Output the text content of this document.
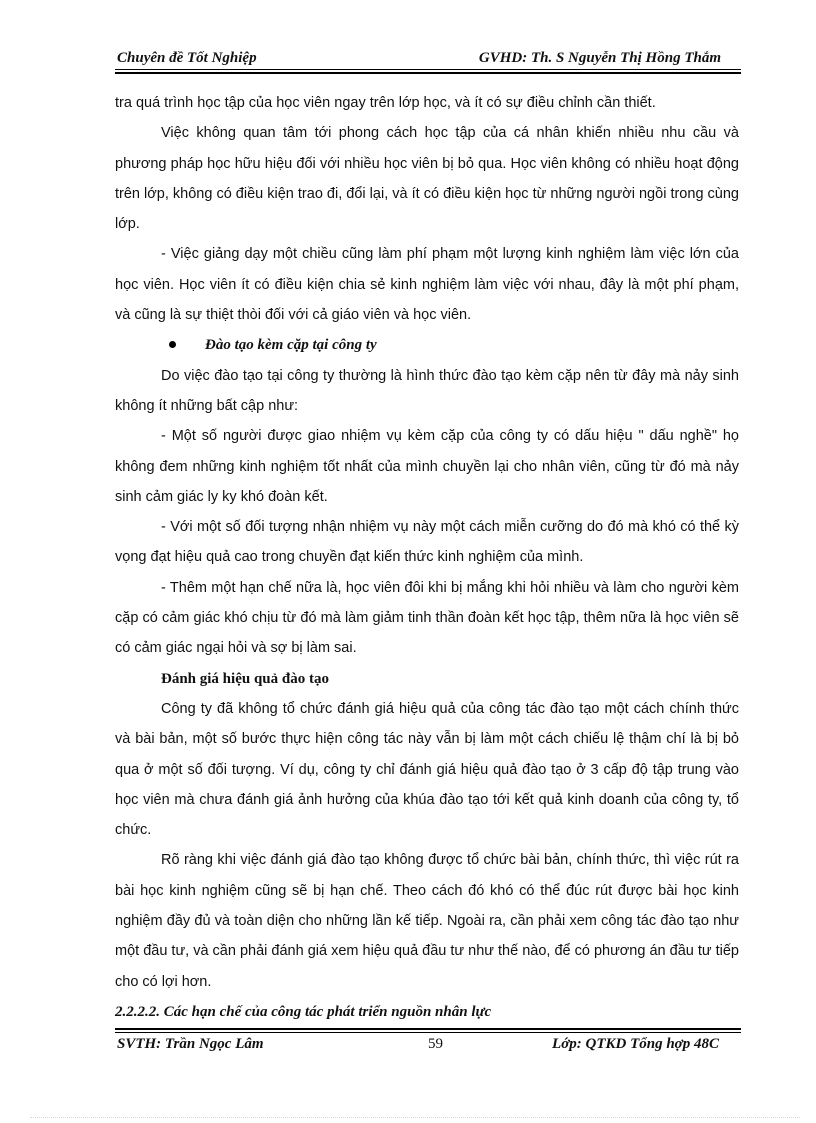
Chuyên đề Tốt Nghiệp	GVHD: Th. S Nguyễn Thị Hồng Thắm

tra quá trình học tập của học viên ngay trên lớp học, và ít có sự điều chỉnh cần thiết.

Việc không quan tâm tới phong cách học tập của cá nhân khiến nhiều nhu cầu và phương pháp học hữu hiệu đối với nhiều học viên bị bỏ qua. Học viên không có nhiều hoạt động trên lớp, không có điều kiện trao đi, đổi lại, và ít có điều kiện học từ những người ngồi trong cùng lớp.

- Việc giảng dạy một chiều cũng làm phí phạm một lượng kinh nghiệm làm việc lớn của học viên. Học viên ít có điều kiện chia sẻ kinh nghiệm làm việc với nhau, đây là một phí phạm, và cũng là sự thiệt thòi đối với cả giáo viên và học viên.

Đào tạo kèm cặp tại công ty

Do việc đào tạo tại công ty thường là hình thức đào tạo kèm cặp nên từ đây mà nảy sinh không ít những bất cập như:

- Một số người được giao nhiệm vụ kèm cặp của công ty có dấu hiệu " dấu nghề" họ không đem những kinh nghiệm tốt nhất của mình chuyền lại cho nhân viên, cũng từ đó mà nảy sinh cảm giác ly ky khó đoàn kết.

- Với một số đối tượng nhận nhiệm vụ này một cách miễn cưỡng do đó mà khó có thể kỳ vọng đạt hiệu quả cao trong chuyền đạt kiến thức kinh nghiệm của mình.

- Thêm một hạn chế nữa là, học viên đôi khi bị mắng khi hỏi nhiều và làm cho người kèm cặp có cảm giác khó chịu từ đó mà làm giảm tinh thần đoàn kết học tập, thêm nữa là học viên sẽ có cảm giác ngại hỏi và sợ bị làm sai.

Đánh giá hiệu quả đào tạo

Công ty đã không tổ chức đánh giá hiệu quả của công tác đào tạo một cách chính thức và bài bản, một số bước thực hiện công tác này vẫn bị làm một cách chiếu lệ thậm chí là bị bỏ qua ở một số đối tượng. Ví dụ, công ty chỉ đánh giá hiệu quả đào tạo ở 3 cấp độ tập trung vào học viên mà chưa đánh giá ảnh hưởng của khúa đào tạo tới kết quả kinh doanh của công ty, tổ chức.

Rõ ràng khi việc đánh giá đào tạo không được tổ chức bài bản, chính thức, thì việc rút ra bài học kinh nghiệm cũng sẽ bị hạn chế. Theo cách đó khó có thể đúc rút được bài học kinh nghiệm đầy đủ và toàn diện cho những lần kế tiếp. Ngoài ra, cần phải xem công tác đào tạo như một đầu tư, và cần phải đánh giá xem hiệu quả đầu tư như thế nào, để có phương án đầu tư tiếp cho có lợi hơn.

2.2.2.2. Các hạn chế của công tác phát triển nguồn nhân lực

SVTH: Trần Ngọc Lâm	59	Lớp: QTKD Tổng hợp 48C
